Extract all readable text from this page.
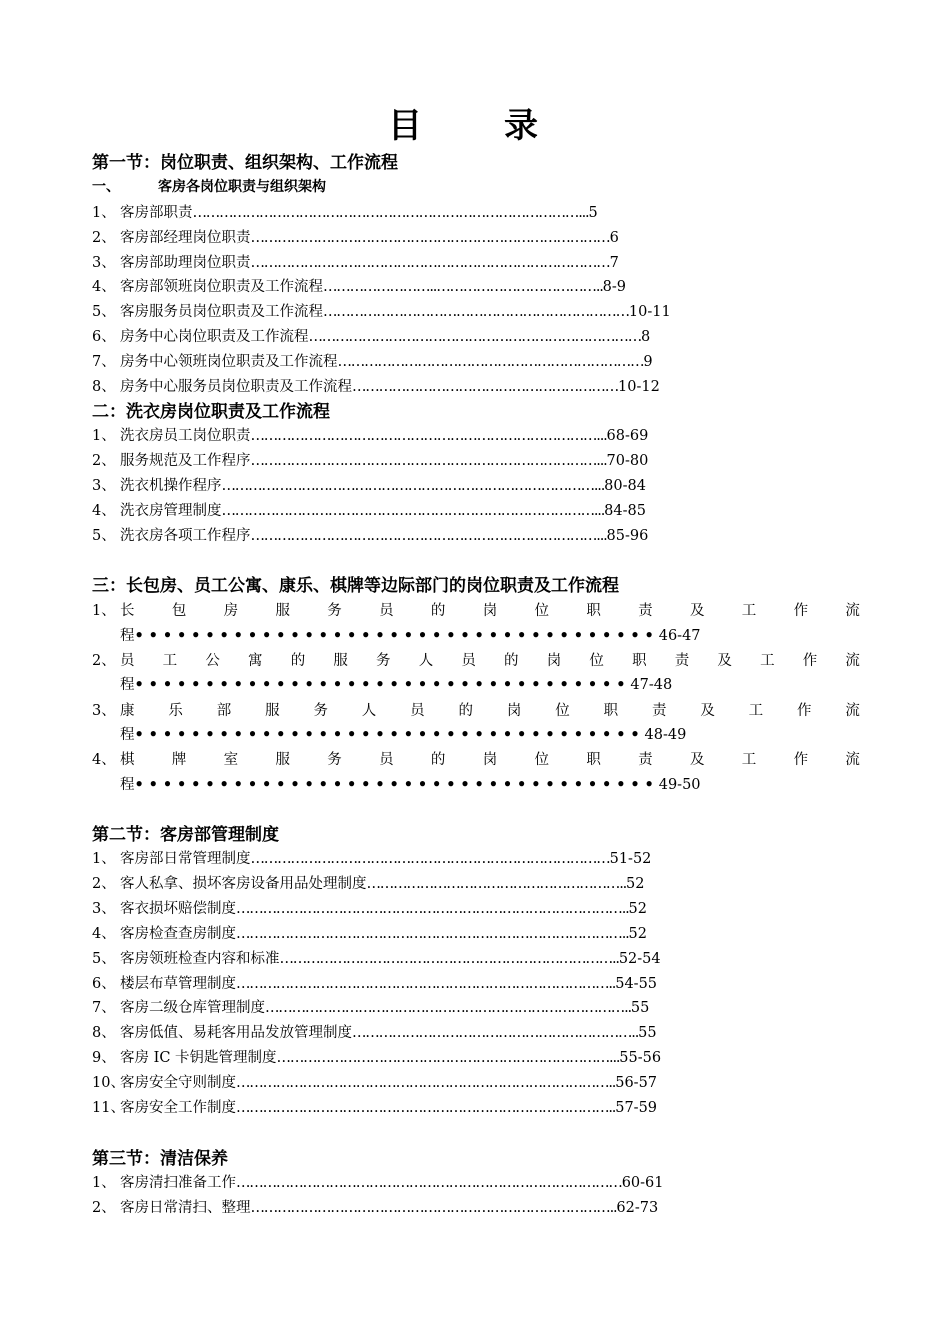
目　录
第一节：岗位职责、组织架构、工作流程
一、	客房各岗位职责与组织架构
二：洗衣房岗位职责及工作流程
三：长包房、员工公寓、康乐、棋牌等边际部门的岗位职责及工作流程
第二节：客房部管理制度
第三节：清洁保养
1、 客房部职责……………………………………………………………………………...5
2、 客房部经理岗位职责………………………………………………………………………6
3、 客房部助理岗位职责………………………………………………………………………7
4、 客房部领班岗位职责及工作流程……………………..………………………………..8-9
5、 客房服务员岗位职责及工作流程……………………………………………………………10-11
6、 房务中心岗位职责及工作流程…………………………………………………………………8
7、 房务中心领班岗位职责及工作流程……………………………………………………………9
8、 房务中心服务员岗位职责及工作流程……………………………………………………10-12
1、 洗衣房员工岗位职责……………………………………………………………………...68-69
2、 服务规范及工作程序……………………………………………………………………...70-80
3、 洗衣机操作程序…………………………………………………………………………...80-84
4、 洗衣房管理制度…………………………………………………………………………...84-85
5、 洗衣房各项工作程序……………………………………………………………………...85-96
1、 客房部日常管理制度………………………………………………………………………51-52
2、 客人私拿、损坏客房设备用品处理制度…………………………………………………..52
3、 客衣损坏赔偿制度……………………………………………………………………………..52
4、 客房检查查房制度……………………………………………………………………………..52
5、 客房领班检查内容和标准…………………………………………………………………..52-54
6、 楼层布草管理制度…………………………………………………………………………..54-55
7、 客房二级仓库管理制度………………………………………………………………………..55
8、 客房低值、易耗客用品发放管理制度………………………………………………………..55
9、 客房 IC 卡钥匙管理制度…………………………………………………………………...55-56
10、客房安全守则制度…………………………………………………………………………..56-57
11、客房安全工作制度…………………………………………………………………………..57-59
1、 客房清扫准备工作……………………………………………………………………………60-61
2、 客房日常清扫、整理………………………………………………………………………..62-73
1、 长	包	房	服	务	员	的	岗	位	职	责	及	工	作	流
程•••••••••••••••••••••••••••••••••••••46-47
2、 员 工 公 寓 的 服 务 人 员 的 岗 位 职 责 及 工 作 流
程•••••••••••••••••••••••••••••••••••47-48
3、 康 乐 部 服 务 人 员 的 岗 位 职 责 及 工 作 流
程••••••••••••••••••••••••••••••••••••48-49
4、 棋	牌	室	服	务	员	的	岗	位	职	责	及	工	作	流
程•••••••••••••••••••••••••••••••••••••49-50
